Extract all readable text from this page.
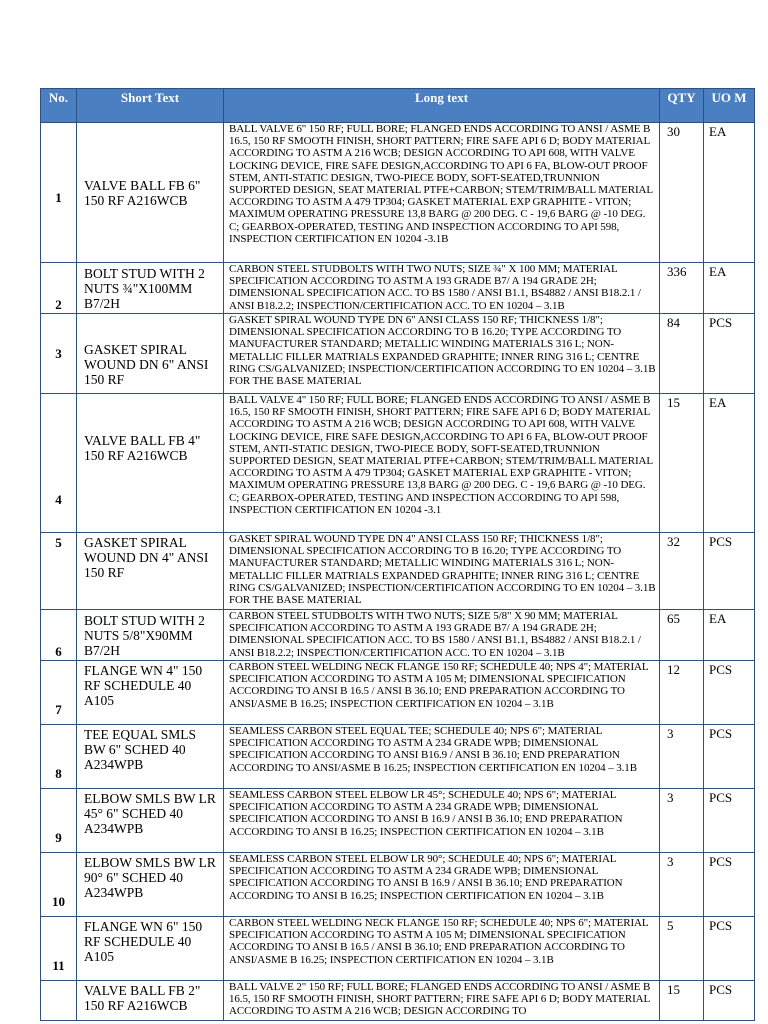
No.	Short Text	Long text	QTY	UO M
1	VALVE BALL FB 6" 150 RF A216WCB	BALL VALVE 6" 150 RF; FULL BORE; FLANGED ENDS ACCORDING TO ANSI / ASME B 16.5, 150 RF SMOOTH FINISH, SHORT PATTERN; FIRE SAFE API 6 D; BODY MATERIAL ACCORDING TO ASTM A 216 WCB; DESIGN ACCORDING TO API 608, WITH VALVE LOCKING DEVICE, FIRE SAFE DESIGN,ACCORDING TO API 6 FA, BLOW-OUT PROOF STEM, ANTI-STATIC DESIGN, TWO-PIECE BODY, SOFT-SEATED,TRUNNION SUPPORTED DESIGN, SEAT MATERIAL PTFE+CARBON; STEM/TRIM/BALL MATERIAL ACCORDING TO ASTM A 479 TP304; GASKET MATERIAL EXP GRAPHITE - VITON; MAXIMUM OPERATING PRESSURE 13,8 BARG @ 200 DEG. C - 19,6 BARG @ -10 DEG. C; GEARBOX-OPERATED, TESTING AND INSPECTION ACCORDING TO API 598, INSPECTION CERTIFICATION EN 10204 -3.1B	30	EA
2	BOLT STUD WITH 2 NUTS ¾"X100MM B7/2H	CARBON STEEL STUDBOLTS WITH TWO NUTS; SIZE ¾" X 100 MM; MATERIAL SPECIFICATION ACCORDING TO ASTM A 193 GRADE B7/ A 194 GRADE 2H; DIMENSIONAL SPECIFICATION ACC. TO BS 1580 / ANSI B1.1, BS4882 / ANSI B18.2.1 / ANSI B18.2.2; INSPECTION/CERTIFICATION ACC. TO EN 10204 – 3.1B	336	EA
3	GASKET SPIRAL WOUND DN 6" ANSI 150 RF	GASKET SPIRAL WOUND TYPE DN 6" ANSI CLASS 150 RF; THICKNESS 1/8"; DIMENSIONAL SPECIFICATION ACCORDING TO B 16.20; TYPE ACCORDING TO MANUFACTURER STANDARD; METALLIC WINDING MATERIALS 316 L; NON-METALLIC FILLER MATRIALS EXPANDED GRAPHITE; INNER RING 316 L; CENTRE RING CS/GALVANIZED; INSPECTION/CERTIFICATION ACCORDING TO EN 10204 – 3.1B FOR THE BASE MATERIAL	84	PCS
4	VALVE BALL FB 4" 150 RF A216WCB	BALL VALVE 4" 150 RF; FULL BORE; FLANGED ENDS ACCORDING TO ANSI / ASME B 16.5, 150 RF SMOOTH FINISH, SHORT PATTERN; FIRE SAFE API 6 D; BODY MATERIAL ACCORDING TO ASTM A 216 WCB; DESIGN ACCORDING TO API 608, WITH VALVE LOCKING DEVICE, FIRE SAFE DESIGN,ACCORDING TO API 6 FA, BLOW-OUT PROOF STEM, ANTI-STATIC DESIGN, TWO-PIECE BODY, SOFT-SEATED,TRUNNION SUPPORTED DESIGN, SEAT MATERIAL PTFE+CARBON; STEM/TRIM/BALL MATERIAL ACCORDING TO ASTM A 479 TP304; GASKET MATERIAL EXP GRAPHITE - VITON; MAXIMUM OPERATING PRESSURE 13,8 BARG @ 200 DEG. C - 19,6 BARG @ -10 DEG. C; GEARBOX-OPERATED, TESTING AND INSPECTION ACCORDING TO API 598, INSPECTION CERTIFICATION EN 10204 -3.1	15	EA
5	GASKET SPIRAL WOUND DN 4" ANSI 150 RF	GASKET SPIRAL WOUND TYPE DN 4" ANSI CLASS 150 RF; THICKNESS 1/8"; DIMENSIONAL SPECIFICATION ACCORDING TO B 16.20; TYPE ACCORDING TO MANUFACTURER STANDARD; METALLIC WINDING MATERIALS 316 L; NON-METALLIC FILLER MATRIALS EXPANDED GRAPHITE; INNER RING 316 L; CENTRE RING CS/GALVANIZED; INSPECTION/CERTIFICATION ACCORDING TO EN 10204 – 3.1B FOR THE BASE MATERIAL	32	PCS
6	BOLT STUD WITH 2 NUTS 5/8"X90MM B7/2H	CARBON STEEL STUDBOLTS WITH TWO NUTS; SIZE 5/8" X 90 MM; MATERIAL SPECIFICATION ACCORDING TO ASTM A 193 GRADE B7/ A 194 GRADE 2H; DIMENSIONAL SPECIFICATION ACC. TO BS 1580 / ANSI B1.1, BS4882 / ANSI B18.2.1 / ANSI B18.2.2; INSPECTION/CERTIFICATION ACC. TO EN 10204 – 3.1B	65	EA
7	FLANGE WN 4" 150 RF SCHEDULE 40 A105	CARBON STEEL WELDING NECK FLANGE 150 RF; SCHEDULE 40; NPS 4"; MATERIAL SPECIFICATION ACCORDING TO ASTM A 105 M; DIMENSIONAL SPECIFICATION ACCORDING TO ANSI B 16.5 / ANSI B 36.10; END PREPARATION ACCORDING TO ANSI/ASME B 16.25; INSPECTION CERTIFICATION EN 10204 – 3.1B	12	PCS
8	TEE EQUAL SMLS BW 6" SCHED 40 A234WPB	SEAMLESS CARBON STEEL EQUAL TEE; SCHEDULE 40; NPS 6"; MATERIAL SPECIFICATION ACCORDING TO ASTM A 234 GRADE WPB; DIMENSIONAL SPECIFICATION ACCORDING TO ANSI B16.9 / ANSI B 36.10; END PREPARATION ACCORDING TO ANSI/ASME B 16.25; INSPECTION CERTIFICATION EN 10204 – 3.1B	3	PCS
9	ELBOW SMLS BW LR 45° 6" SCHED 40 A234WPB	SEAMLESS CARBON STEEL ELBOW LR 45°; SCHEDULE 40; NPS 6"; MATERIAL SPECIFICATION ACCORDING TO ASTM A 234 GRADE WPB; DIMENSIONAL SPECIFICATION ACCORDING TO ANSI B 16.9 / ANSI B 36.10; END PREPARATION ACCORDING TO ANSI B 16.25; INSPECTION CERTIFICATION EN 10204 – 3.1B	3	PCS
10	ELBOW SMLS BW LR 90° 6" SCHED 40 A234WPB	SEAMLESS CARBON STEEL ELBOW LR 90°; SCHEDULE 40; NPS 6"; MATERIAL SPECIFICATION ACCORDING TO ASTM A 234 GRADE WPB; DIMENSIONAL SPECIFICATION ACCORDING TO ANSI B 16.9 / ANSI B 36.10; END PREPARATION ACCORDING TO ANSI B 16.25; INSPECTION CERTIFICATION EN 10204 – 3.1B	3	PCS
11	FLANGE WN 6" 150 RF SCHEDULE 40 A105	CARBON STEEL WELDING NECK FLANGE 150 RF; SCHEDULE 40; NPS 6"; MATERIAL SPECIFICATION ACCORDING TO ASTM A 105 M; DIMENSIONAL SPECIFICATION ACCORDING TO ANSI B 16.5 / ANSI B 36.10; END PREPARATION ACCORDING TO ANSI/ASME B 16.25; INSPECTION CERTIFICATION EN 10204 – 3.1B	5	PCS
	VALVE BALL FB 2" 150 RF A216WCB	BALL VALVE 2" 150 RF; FULL BORE; FLANGED ENDS ACCORDING TO ANSI / ASME B 16.5, 150 RF SMOOTH FINISH, SHORT PATTERN; FIRE SAFE API 6 D; BODY MATERIAL ACCORDING TO ASTM A 216 WCB; DESIGN ACCORDING TO	15	PCS
